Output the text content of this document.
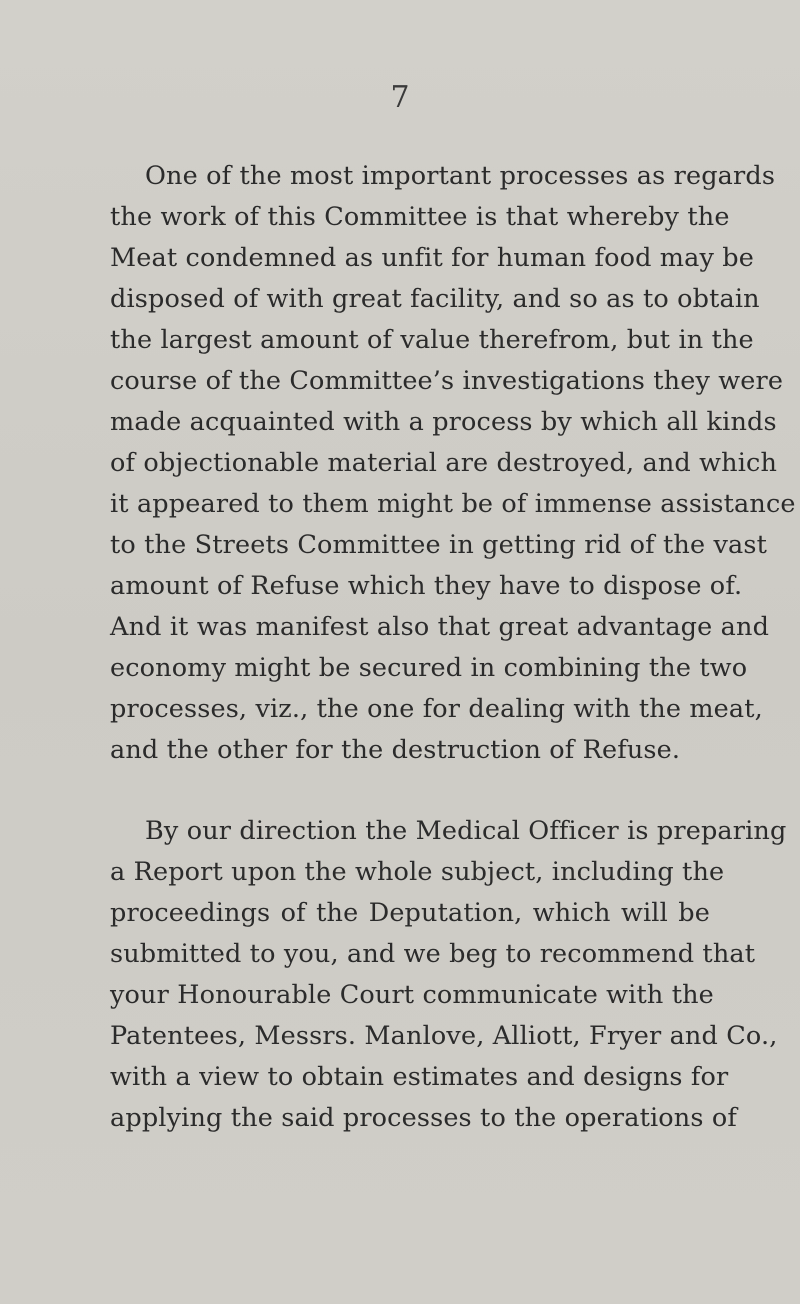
7
One of the most important processes as regards
the work of this Committee is that whereby the
Meat condemned as unfit for human food may be
disposed of with great facility, and so as to obtain
the largest amount of value therefrom, but in the
course of the Committee’s investigations they were
made acquainted with a process by which all kinds
of objectionable material are destroyed, and which
it appeared to them might be of immense assistance
to the Streets Committee in getting rid of the vast
amount of Refuse which they have to dispose of.
And it was manifest also that great advantage and
economy might be secured in combining the two
processes, viz., the one for dealing with the meat,
and the other for the destruction of Refuse.
By our direction the Medical Officer is preparing
a Report upon the whole subject, including the
proceedings of the Deputation, which will be
submitted to you, and we beg to recommend that
your Honourable Court communicate with the
Patentees, Messrs. Manlove, Alliott, Fryer and Co.,
with a view to obtain estimates and designs for
applying the said processes to the operations of
